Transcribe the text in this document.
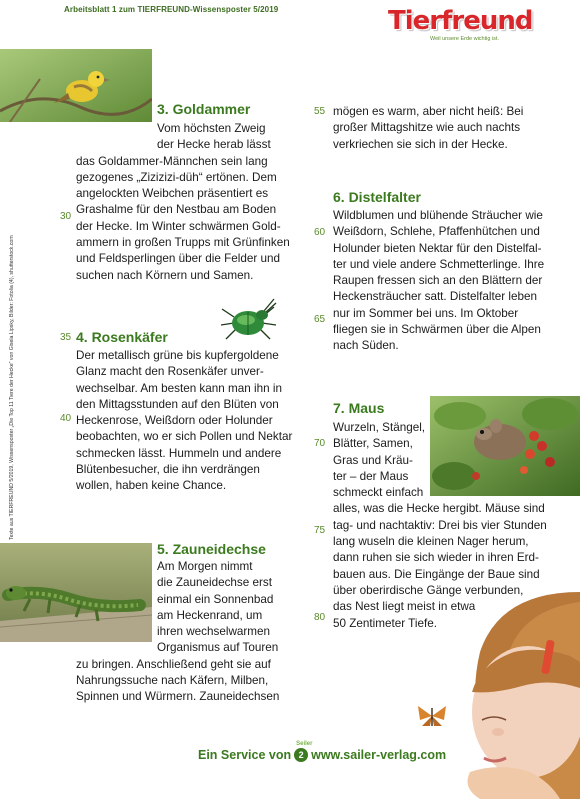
Arbeitsblatt 1 zum TIERFREUND-Wissensposter 5/2019	Tierfreund
Weil unsere Erde wichtig ist.
Texte aus TIERFREUND 5/2019, Wissensposter „Die Top 11 Tiere der Hecke“ von Gisela Lipsky, Bilder: Fotolia (4), shutterstock.com
3. Goldammer
Vom höchsten Zweig
der Hecke herab lässt
das Goldammer-Männchen sein lang
gezogenes „Zizizizi-düh“ ertönen. Dem
angelockten Weibchen präsentiert es
Grashalme für den Nestbau am Boden
der Hecke. Im Winter schwärmen Gold-
ammern in großen Trupps mit Grünfinken
und Feldsperlingen über die Felder und
suchen nach Körnern und Samen.
4. Rosenkäfer
Der metallisch grüne bis kupfergoldene
Glanz macht den Rosenkäfer unver-
wechselbar. Am besten kann man ihn in
den Mittagsstunden auf den Blüten von
Heckenrose, Weißdorn oder Holunder
beobachten, wo er sich Pollen und Nektar
schmecken lässt. Hummeln und andere
Blütenbesucher, die ihn verdrängen
wollen, haben keine Chance.
5. Zauneidechse
Am Morgen nimmt
die Zauneidechse erst
einmal ein Sonnenbad
am Heckenrand, um
ihren wechselwarmen
Organismus auf Touren
zu bringen. Anschließend geht sie auf
Nahrungssuche nach Käfern, Milben,
Spinnen und Würmern. Zauneidechsen
mögen es warm, aber nicht heiß: Bei
großer Mittagshitze wie auch nachts
verkriechen sie sich in der Hecke.
6. Distelfalter
Wildblumen und blühende Sträucher wie
Weißdorn, Schlehe, Pfaffenhütchen und
Holunder bieten Nektar für den Distelfal-
ter und viele andere Schmetterlinge. Ihre
Raupen fressen sich an den Blättern der
Heckensträucher satt. Distelfalter leben
nur im Sommer bei uns. Im Oktober
fliegen sie in Schwärmen über die Alpen
nach Süden.
7. Maus
Wurzeln, Stängel,
Blätter, Samen,
Gras und Kräu-
ter – der Maus
schmeckt einfach
alles, was die Hecke hergibt. Mäuse sind
tag- und nachtaktiv: Drei bis vier Stunden
lang wuseln die kleinen Nager herum,
dann ruhen sie sich wieder in ihren Erd-
bauen aus. Die Eingänge der Baue sind
über oberirdische Gänge verbunden,
das Nest liegt meist in etwa
50 Zentimeter Tiefe.
30
35
40
55
60
65
70
75
80
Ein Service von
Seiler
2 www.sailer-verlag.com
